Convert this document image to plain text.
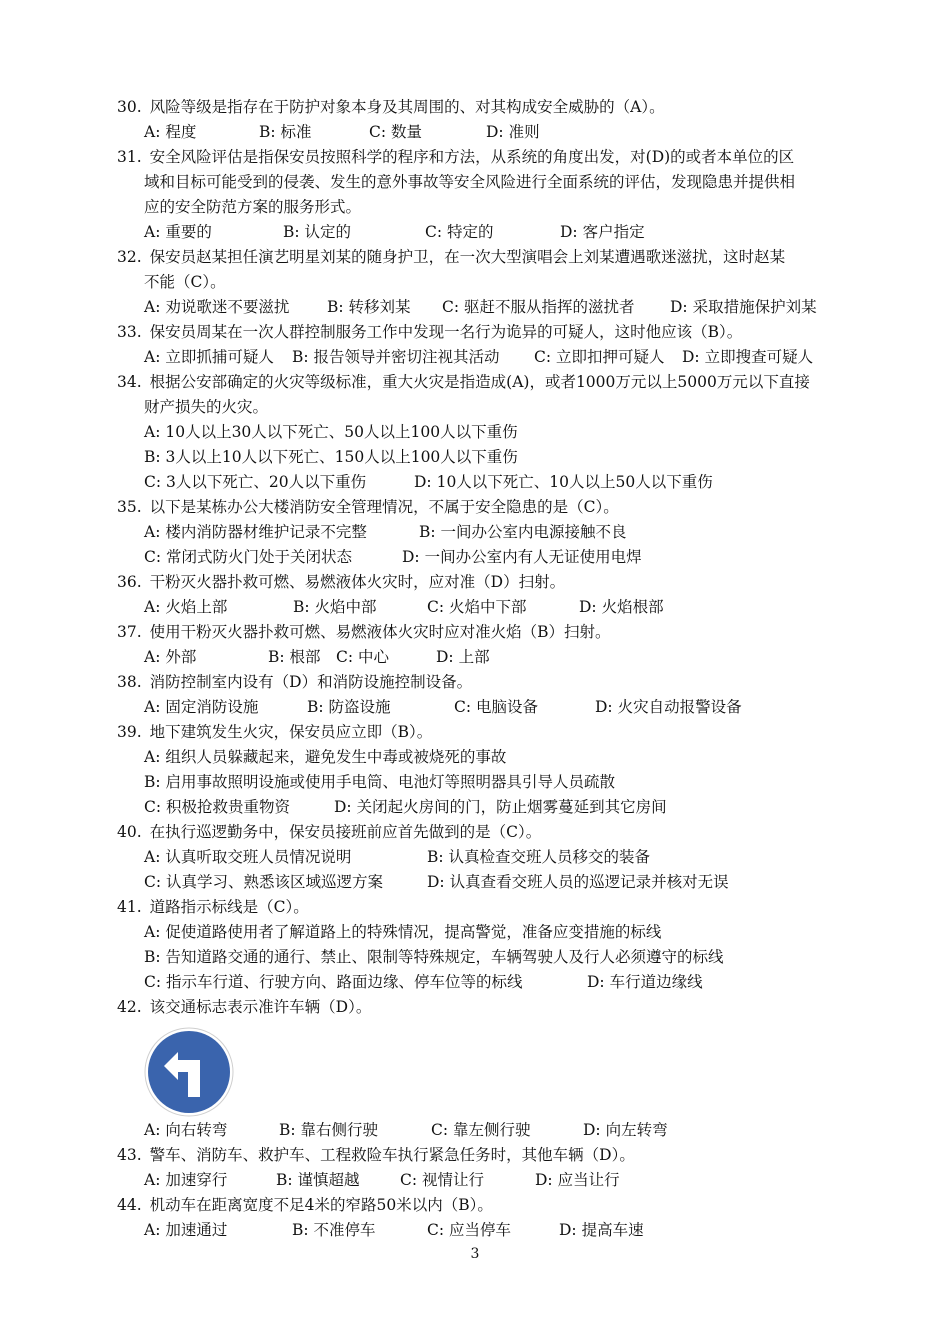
30. 风险等级是指存在于防护对象本身及其周围的、对其构成安全威胁的（A）。
A: 程度	B: 标准	C: 数量	D: 准则
31. 安全风险评估是指保安员按照科学的程序和方法，从系统的角度出发，对(D)的或者本单位的区
域和目标可能受到的侵袭、发生的意外事故等安全风险进行全面系统的评估，发现隐患并提供相
应的安全防范方案的服务形式。
A: 重要的	B: 认定的	C: 特定的	D: 客户指定
32. 保安员赵某担任演艺明星刘某的随身护卫，在一次大型演唱会上刘某遭遇歌迷滋扰，这时赵某
不能（C）。
A: 劝说歌迷不要滋扰 B: 转移刘某 C: 驱赶不服从指挥的滋扰者 D: 采取措施保护刘某
33. 保安员周某在一次人群控制服务工作中发现一名行为诡异的可疑人，这时他应该（B）。
A: 立即抓捕可疑人 B: 报告领导并密切注视其活动 C: 立即扣押可疑人 D: 立即搜查可疑人
34. 根据公安部确定的火灾等级标准，重大火灾是指造成(A)，或者1000万元以上5000万元以下直接
财产损失的火灾。
A: 10人以上30人以下死亡、50人以上100人以下重伤
B: 3人以上10人以下死亡、150人以上100人以下重伤
C: 3人以下死亡、20人以下重伤	D: 10人以下死亡、10人以上50人以下重伤
35. 以下是某栋办公大楼消防安全管理情况，不属于安全隐患的是（C）。
A: 楼内消防器材维护记录不完整	B: 一间办公室内电源接触不良
C: 常闭式防火门处于关闭状态	D: 一间办公室内有人无证使用电焊
36. 干粉灭火器扑救可燃、易燃液体火灾时，应对准（D）扫射。
A: 火焰上部	B: 火焰中部	C: 火焰中下部	D: 火焰根部
37. 使用干粉灭火器扑救可燃、易燃液体火灾时应对准火焰（B）扫射。
A: 外部	B: 根部 C: 中心	D: 上部
38. 消防控制室内设有（D）和消防设施控制设备。
A: 固定消防设施	B: 防盗设施	C: 电脑设备	D: 火灾自动报警设备
39. 地下建筑发生火灾，保安员应立即（B）。
A: 组织人员躲藏起来，避免发生中毒或被烧死的事故
B: 启用事故照明设施或使用手电筒、电池灯等照明器具引导人员疏散
C: 积极抢救贵重物资	D: 关闭起火房间的门，防止烟雾蔓延到其它房间
40. 在执行巡逻勤务中，保安员接班前应首先做到的是（C）。
A: 认真听取交班人员情况说明	B: 认真检查交班人员移交的装备
C: 认真学习、熟悉该区域巡逻方案	D: 认真查看交班人员的巡逻记录并核对无误
41. 道路指示标线是（C）。
A: 促使道路使用者了解道路上的特殊情况，提高警觉，准备应变措施的标线
B: 告知道路交通的通行、禁止、限制等特殊规定，车辆驾驶人及行人必须遵守的标线
C: 指示车行道、行驶方向、路面边缘、停车位等的标线	D: 车行道边缘线
42. 该交通标志表示准许车辆（D）。
A: 向右转弯	B: 靠右侧行驶	C: 靠左侧行驶	D: 向左转弯
43. 警车、消防车、救护车、工程救险车执行紧急任务时，其他车辆（D）。
A: 加速穿行	B: 谨慎超越	C: 视情让行	D: 应当让行
44. 机动车在距离宽度不足4米的窄路50米以内（B）。
A: 加速通过	B: 不准停车	C: 应当停车	D: 提高车速
3
